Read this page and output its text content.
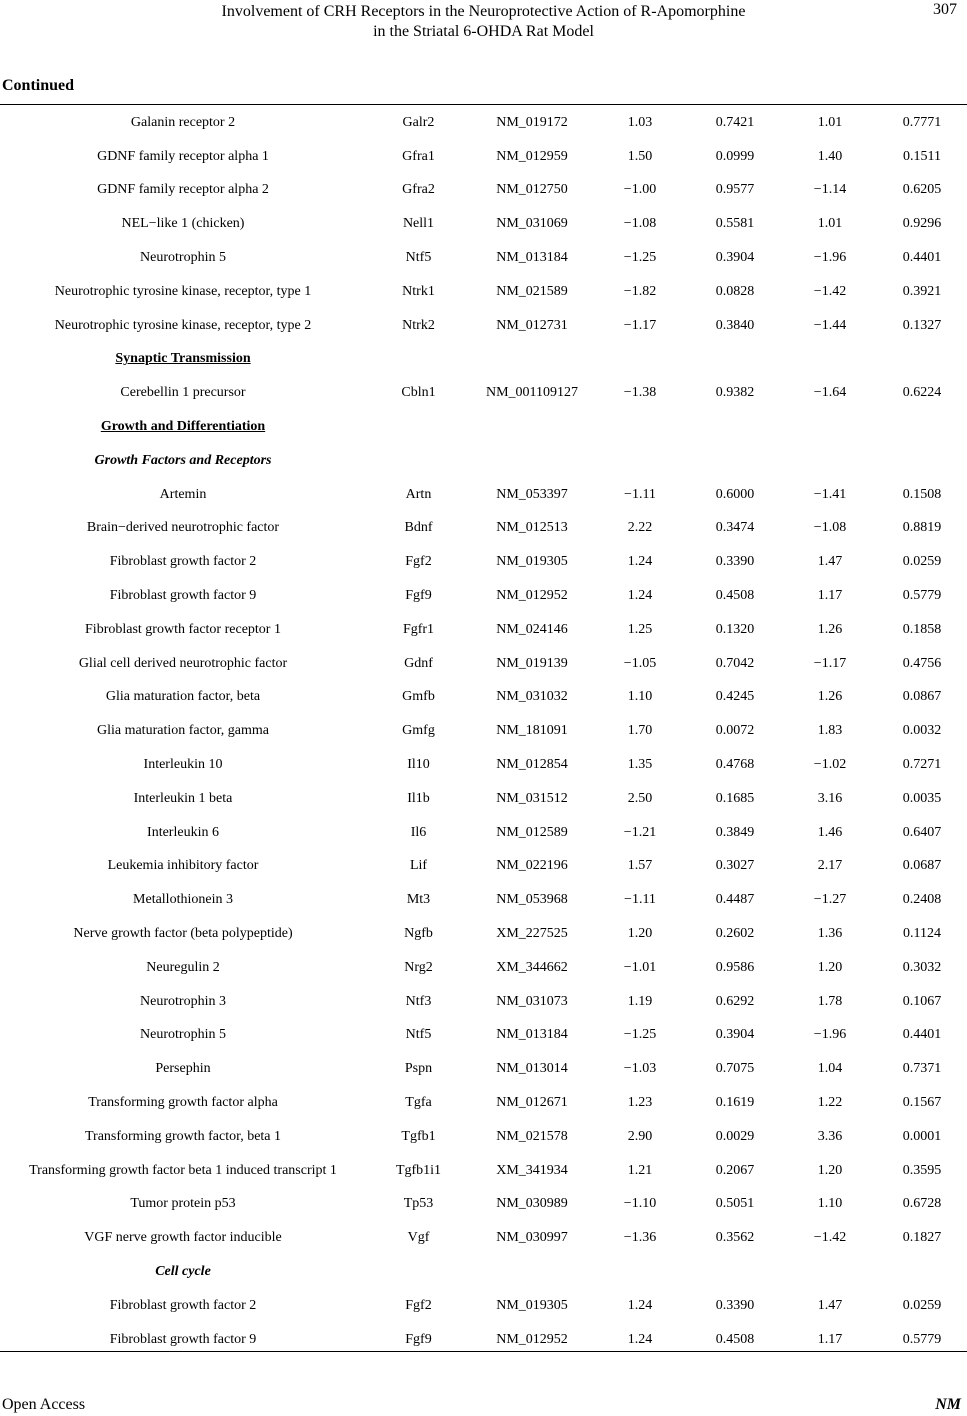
Involvement of CRH Receptors in the Neuroprotective Action of R-Apomorphine
in the Striatal 6-OHDA Rat Model
307
Continued
Galanin receptor 2	Galr2	NM_019172	1.03	0.7421	1.01	0.7771
GDNF family receptor alpha 1	Gfra1	NM_012959	1.50	0.0999	1.40	0.1511
GDNF family receptor alpha 2	Gfra2	NM_012750	−1.00	0.9577	−1.14	0.6205
NEL−like 1 (chicken)	Nell1	NM_031069	−1.08	0.5581	1.01	0.9296
Neurotrophin 5	Ntf5	NM_013184	−1.25	0.3904	−1.96	0.4401
Neurotrophic tyrosine kinase, receptor, type 1	Ntrk1	NM_021589	−1.82	0.0828	−1.42	0.3921
Neurotrophic tyrosine kinase, receptor, type 2	Ntrk2	NM_012731	−1.17	0.3840	−1.44	0.1327
Synaptic Transmission						
Cerebellin 1 precursor	Cbln1	NM_001109127	−1.38	0.9382	−1.64	0.6224
Growth and Differentiation						
Growth Factors and Receptors						
Artemin	Artn	NM_053397	−1.11	0.6000	−1.41	0.1508
Brain−derived neurotrophic factor	Bdnf	NM_012513	2.22	0.3474	−1.08	0.8819
Fibroblast growth factor 2	Fgf2	NM_019305	1.24	0.3390	1.47	0.0259
Fibroblast growth factor 9	Fgf9	NM_012952	1.24	0.4508	1.17	0.5779
Fibroblast growth factor receptor 1	Fgfr1	NM_024146	1.25	0.1320	1.26	0.1858
Glial cell derived neurotrophic factor	Gdnf	NM_019139	−1.05	0.7042	−1.17	0.4756
Glia maturation factor, beta	Gmfb	NM_031032	1.10	0.4245	1.26	0.0867
Glia maturation factor, gamma	Gmfg	NM_181091	1.70	0.0072	1.83	0.0032
Interleukin 10	Il10	NM_012854	1.35	0.4768	−1.02	0.7271
Interleukin 1 beta	Il1b	NM_031512	2.50	0.1685	3.16	0.0035
Interleukin 6	Il6	NM_012589	−1.21	0.3849	1.46	0.6407
Leukemia inhibitory factor	Lif	NM_022196	1.57	0.3027	2.17	0.0687
Metallothionein 3	Mt3	NM_053968	−1.11	0.4487	−1.27	0.2408
Nerve growth factor (beta polypeptide)	Ngfb	XM_227525	1.20	0.2602	1.36	0.1124
Neuregulin 2	Nrg2	XM_344662	−1.01	0.9586	1.20	0.3032
Neurotrophin 3	Ntf3	NM_031073	1.19	0.6292	1.78	0.1067
Neurotrophin 5	Ntf5	NM_013184	−1.25	0.3904	−1.96	0.4401
Persephin	Pspn	NM_013014	−1.03	0.7075	1.04	0.7371
Transforming growth factor alpha	Tgfa	NM_012671	1.23	0.1619	1.22	0.1567
Transforming growth factor, beta 1	Tgfb1	NM_021578	2.90	0.0029	3.36	0.0001
Transforming growth factor beta 1 induced transcript 1	Tgfb1i1	XM_341934	1.21	0.2067	1.20	0.3595
Tumor protein p53	Tp53	NM_030989	−1.10	0.5051	1.10	0.6728
VGF nerve growth factor inducible	Vgf	NM_030997	−1.36	0.3562	−1.42	0.1827
Cell cycle						
Fibroblast growth factor 2	Fgf2	NM_019305	1.24	0.3390	1.47	0.0259
Fibroblast growth factor 9	Fgf9	NM_012952	1.24	0.4508	1.17	0.5779
Open Access	NM
